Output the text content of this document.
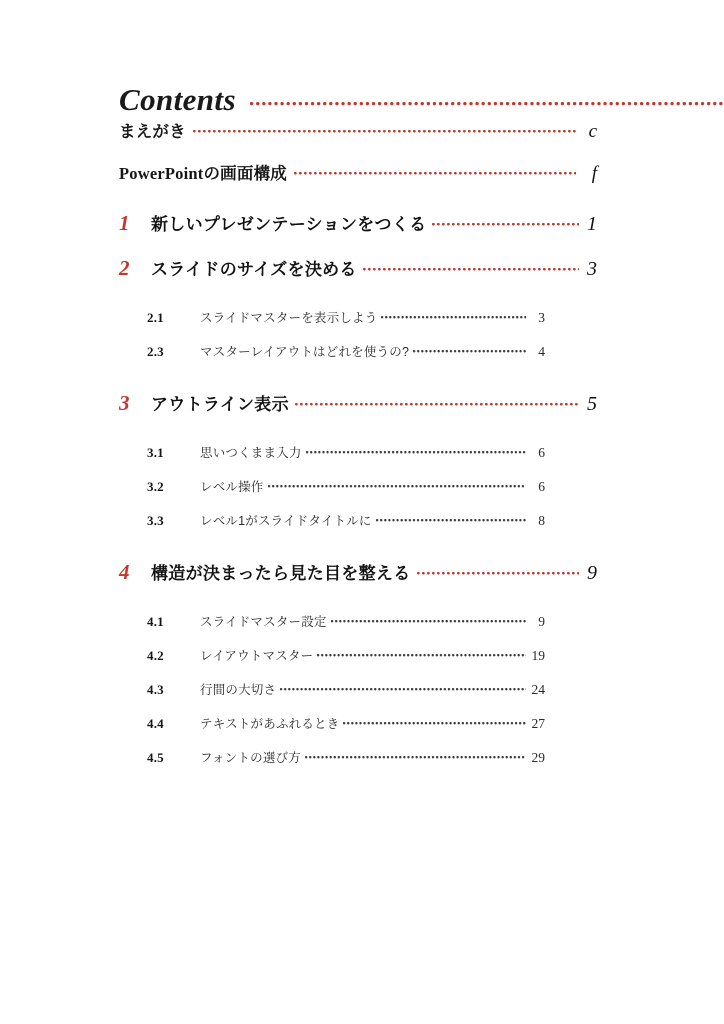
Contents
まえがき	c
PowerPointの画面構成	f
1	新しいプレゼンテーションをつくる	1
2	スライドのサイズを決める	3
2.1	スライドマスターを表示しよう	3
2.3	マスターレイアウトはどれを使うの?	4
3	アウトライン表示	5
3.1	思いつくまま入力	6
3.2	レベル操作	6
3.3	レベル1がスライドタイトルに	8
4	構造が決まったら見た目を整える	9
4.1	スライドマスター設定	9
4.2	レイアウトマスター	19
4.3	行間の大切さ	24
4.4	テキストがあふれるとき	27
4.5	フォントの選び方	29
